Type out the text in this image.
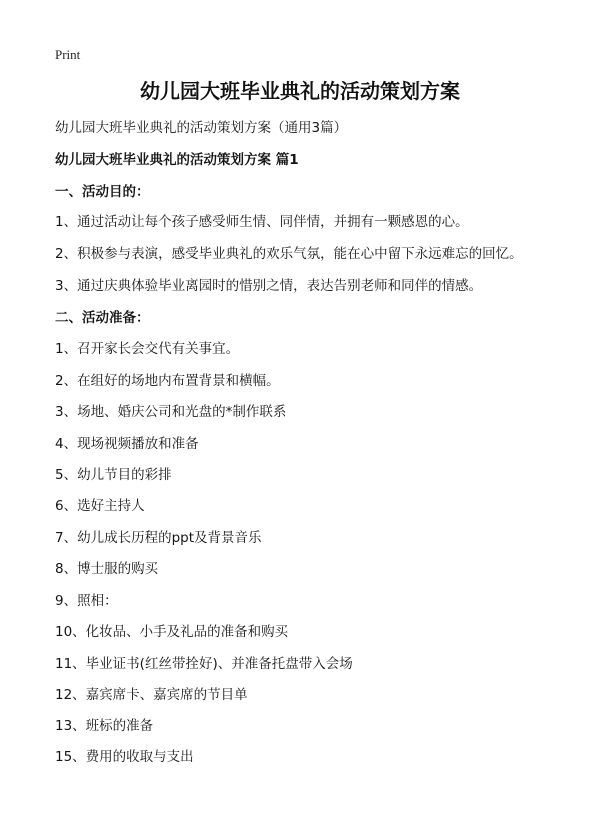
Print
幼儿园大班毕业典礼的活动策划方案
幼儿园大班毕业典礼的活动策划方案（通用3篇）
幼儿园大班毕业典礼的活动策划方案 篇1
一、活动目的：
1、通过活动让每个孩子感受师生情、同伴情，并拥有一颗感恩的心。
2、积极参与表演，感受毕业典礼的欢乐气氛，能在心中留下永远难忘的回忆。
3、通过庆典体验毕业离园时的惜别之情，表达告别老师和同伴的情感。
二、活动准备：
1、召开家长会交代有关事宜。
2、在组好的场地内布置背景和横幅。
3、场地、婚庆公司和光盘的*制作联系
4、现场视频播放和准备
5、幼儿节目的彩排
6、选好主持人
7、幼儿成长历程的ppt及背景音乐
8、博士服的购买
9、照相：
10、化妆品、小手及礼品的准备和购买
11、毕业证书(红丝带拴好)、并准备托盘带入会场
12、嘉宾席卡、嘉宾席的节目单
13、班标的准备
15、费用的收取与支出
